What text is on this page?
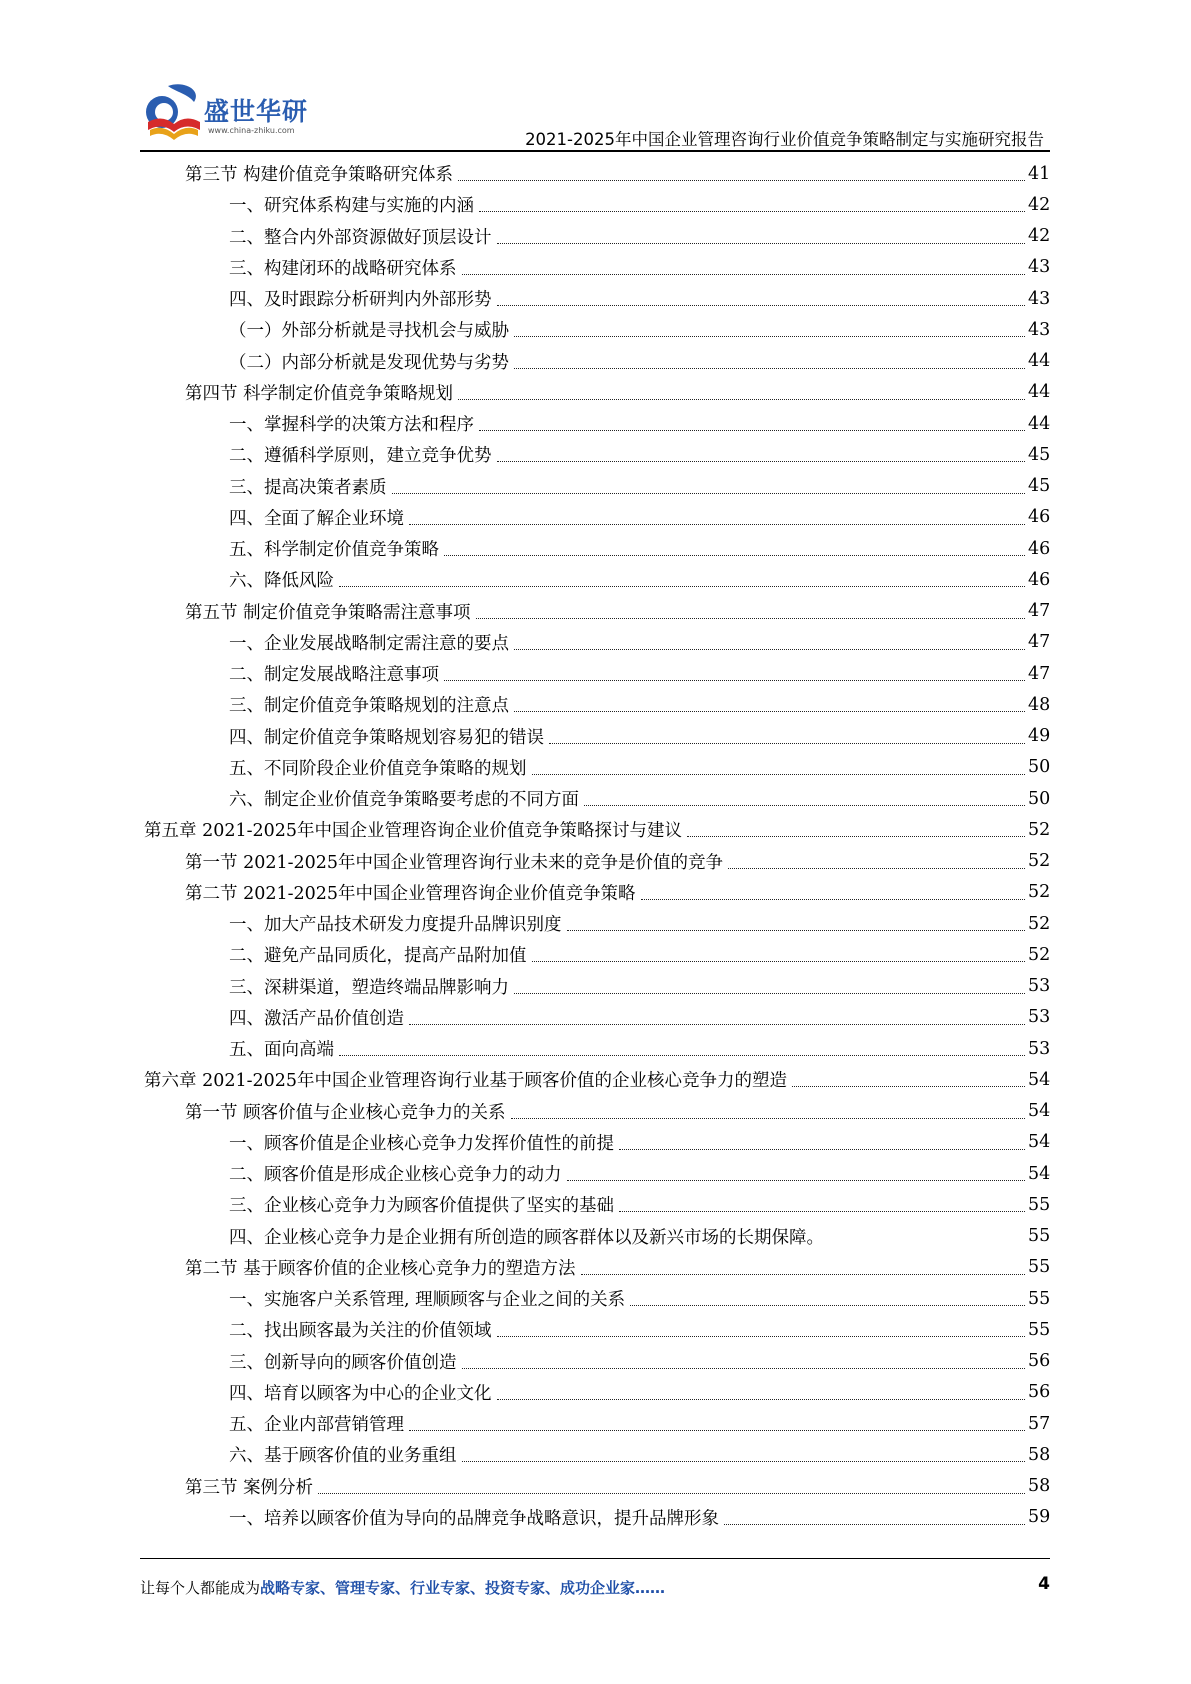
盛世华研
www.china-zhiku.com	2021-2025年中国企业管理咨询行业价值竞争策略制定与实施研究报告
第三节 构建价值竞争策略研究体系	41
一、研究体系构建与实施的内涵	42
二、整合内外部资源做好顶层设计	42
三、构建闭环的战略研究体系	43
四、及时跟踪分析研判内外部形势	43
（一）外部分析就是寻找机会与威胁	43
（二）内部分析就是发现优势与劣势	44
第四节 科学制定价值竞争策略规划	44
一、掌握科学的决策方法和程序	44
二、遵循科学原则，建立竞争优势	45
三、提高决策者素质	45
四、全面了解企业环境	46
五、科学制定价值竞争策略	46
六、降低风险	46
第五节 制定价值竞争策略需注意事项	47
一、企业发展战略制定需注意的要点	47
二、制定发展战略注意事项	47
三、制定价值竞争策略规划的注意点	48
四、制定价值竞争策略规划容易犯的错误	49
五、不同阶段企业价值竞争策略的规划	50
六、制定企业价值竞争策略要考虑的不同方面	50
第五章 2021-2025年中国企业管理咨询企业价值竞争策略探讨与建议	52
第一节 2021-2025年中国企业管理咨询行业未来的竞争是价值的竞争	52
第二节 2021-2025年中国企业管理咨询企业价值竞争策略	52
一、加大产品技术研发力度提升品牌识别度	52
二、避免产品同质化，提高产品附加值	52
三、深耕渠道，塑造终端品牌影响力	53
四、激活产品价值创造	53
五、面向高端	53
第六章 2021-2025年中国企业管理咨询行业基于顾客价值的企业核心竞争力的塑造	54
第一节 顾客价值与企业核心竞争力的关系	54
一、顾客价值是企业核心竞争力发挥价值性的前提	54
二、顾客价值是形成企业核心竞争力的动力	54
三、企业核心竞争力为顾客价值提供了坚实的基础	55
四、企业核心竞争力是企业拥有所创造的顾客群体以及新兴市场的长期保障。	55
第二节 基于顾客价值的企业核心竞争力的塑造方法	55
一、实施客户关系管理, 理顺顾客与企业之间的关系	55
二、找出顾客最为关注的价值领域	55
三、创新导向的顾客价值创造	56
四、培育以顾客为中心的企业文化	56
五、企业内部营销管理	57
六、基于顾客价值的业务重组	58
第三节 案例分析	58
一、培养以顾客价值为导向的品牌竞争战略意识，提升品牌形象	59
让每个人都能成为战略专家、管理专家、行业专家、投资专家、成功企业家……	4
